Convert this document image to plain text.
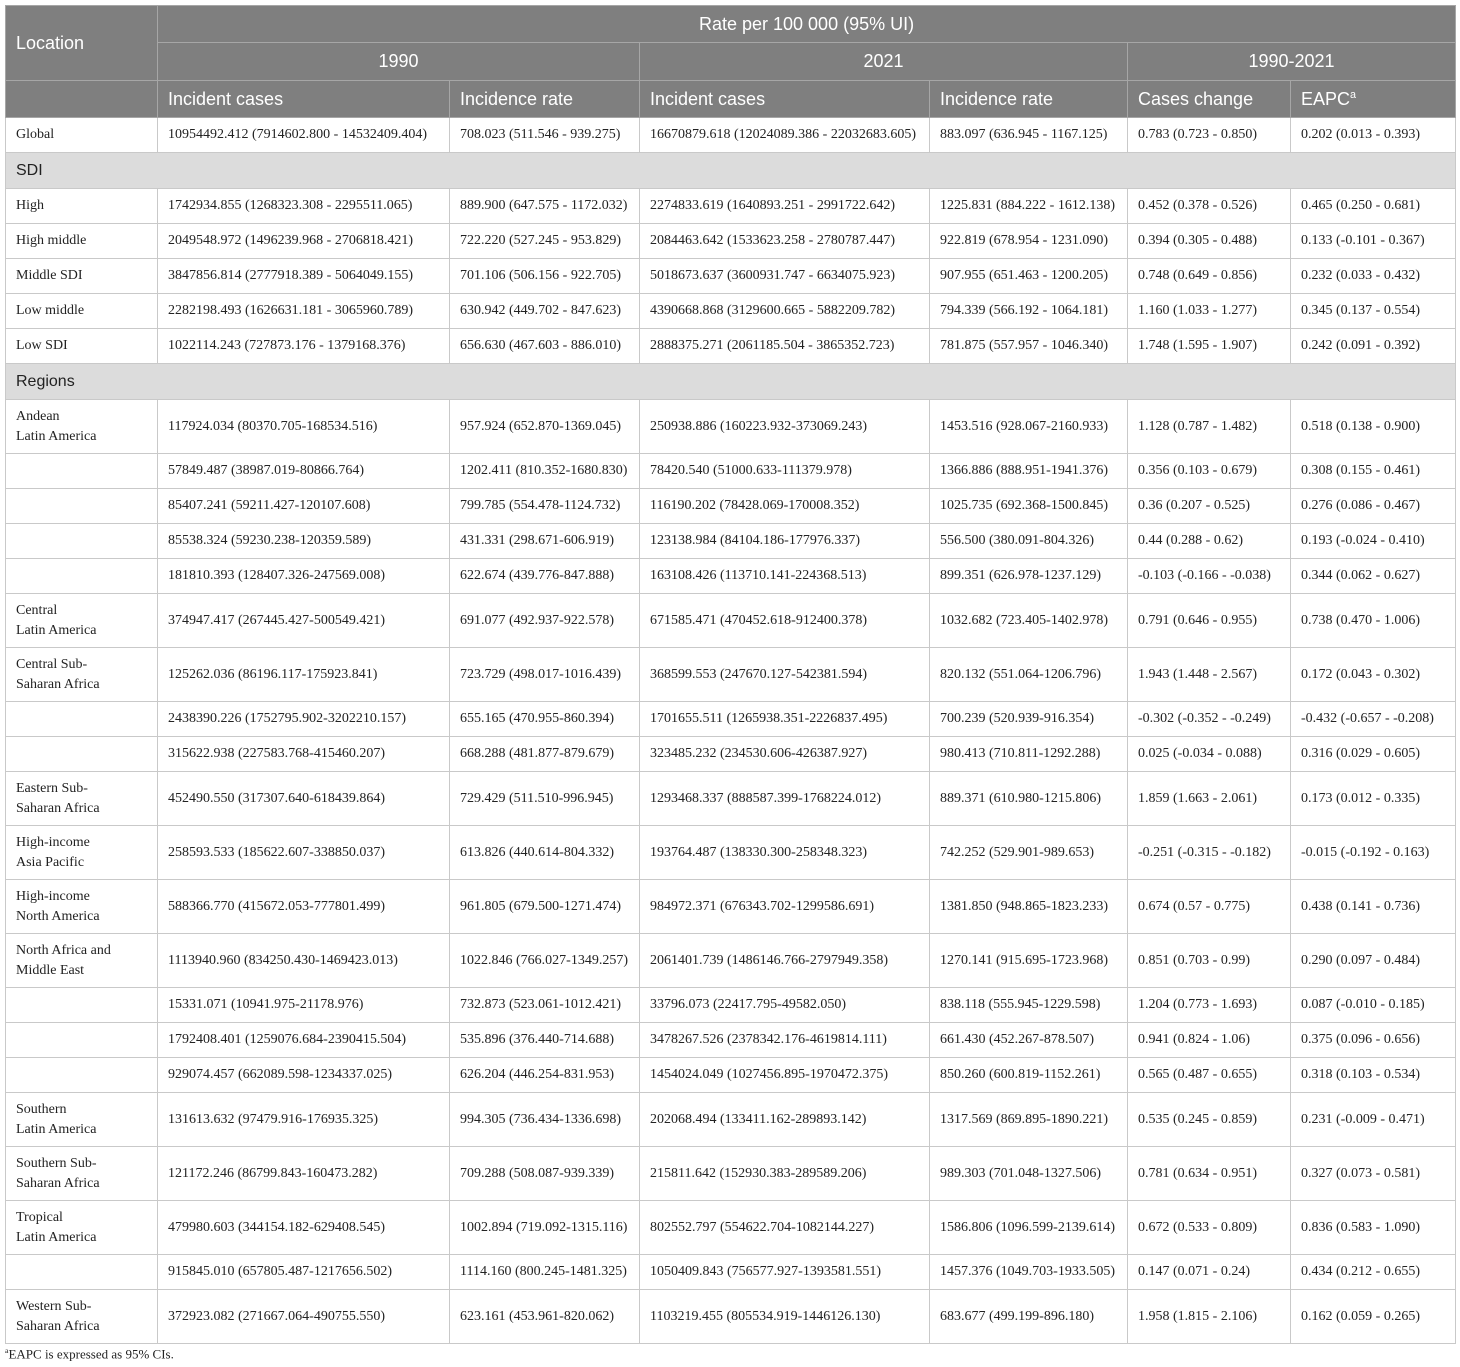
Location	Rate per 100 000 (95% UI)					
	1990		2021		1990-2021	
	Incident cases	Incidence rate	Incident cases	Incidence rate	Cases change	EAPC$^a$
Global	10954492.412 (7914602.800 - 14532409.404)	708.023 (511.546 - 939.275)	16670879.618 (12024089.386 - 22032683.605)	883.097 (636.945 - 1167.125)	0.783 (0.723 - 0.850)	0.202 (0.013 - 0.393)
SDI						
High	1742934.855 (1268323.308 - 2295511.065)	889.900 (647.575 - 1172.032)	2274833.619 (1640893.251 - 2991722.642)	1225.831 (884.222 - 1612.138)	0.452 (0.378 - 0.526)	0.465 (0.250 - 0.681)
High middle	2049548.972 (1496239.968 - 2706818.421)	722.220 (527.245 - 953.829)	2084463.642 (1533623.258 - 2780787.447)	922.819 (678.954 - 1231.090)	0.394 (0.305 - 0.488)	0.133 (-0.101 - 0.367)
Middle SDI	3847856.814 (2777918.389 - 5064049.155)	701.106 (506.156 - 922.705)	5018673.637 (3600931.747 - 6634075.923)	907.955 (651.463 - 1200.205)	0.748 (0.649 - 0.856)	0.232 (0.033 - 0.432)
Low middle	2282198.493 (1626631.181 - 3065960.789)	630.942 (449.702 - 847.623)	4390668.868 (3129600.665 - 5882209.782)	794.339 (566.192 - 1064.181)	1.160 (1.033 - 1.277)	0.345 (0.137 - 0.554)
Low SDI	1022114.243 (727873.176 - 1379168.376)	656.630 (467.603 - 886.010)	2888375.271 (2061185.504 - 3865352.723)	781.875 (557.957 - 1046.340)	1.748 (1.595 - 1.907)	0.242 (0.091 - 0.392)
Regions						

Andean
Latin America	117924.034 (80370.705-168534.516)	957.924 (652.870-1369.045)	250938.886 (160223.932-373069.243)	1453.516 (928.067-2160.933)	1.128 (0.787 - 1.482)	0.518 (0.138 - 0.900)
	57849.487 (38987.019-80866.764)	1202.411 (810.352-1680.830)	78420.540 (51000.633-111379.978)	1366.886 (888.951-1941.376)	0.356 (0.103 - 0.679)	0.308 (0.155 - 0.461)
	85407.241 (59211.427-120107.608)	799.785 (554.478-1124.732)	116190.202 (78428.069-170008.352)	1025.735 (692.368-1500.845)	0.36 (0.207 - 0.525)	0.276 (0.086 - 0.467)
	85538.324 (59230.238-120359.589)	431.331 (298.671-606.919)	123138.984 (84104.186-177976.337)	556.500 (380.091-804.326)	0.44 (0.288 - 0.62)	0.193 (-0.024 - 0.410)
	181810.393 (128407.326-247569.008)	622.674 (439.776-847.888)	163108.426 (113710.141-224368.513)	899.351 (626.978-1237.129)	-0.103 (-0.166 - -0.038)	0.344 (0.062 - 0.627)

Central
Latin America	374947.417 (267445.427-500549.421)	691.077 (492.937-922.578)	671585.471 (470452.618-912400.378)	1032.682 (723.405-1402.978)	0.791 (0.646 - 0.955)	0.738 (0.470 - 1.006)

Central Sub-
Saharan Africa	125262.036 (86196.117-175923.841)	723.729 (498.017-1016.439)	368599.553 (247670.127-542381.594)	820.132 (551.064-1206.796)	1.943 (1.448 - 2.567)	0.172 (0.043 - 0.302)
	2438390.226 (1752795.902-3202210.157)	655.165 (470.955-860.394)	1701655.511 (1265938.351-2226837.495)	700.239 (520.939-916.354)	-0.302 (-0.352 - -0.249)	-0.432 (-0.657 - -0.208)
	315622.938 (227583.768-415460.207)	668.288 (481.877-879.679)	323485.232 (234530.606-426387.927)	980.413 (710.811-1292.288)	0.025 (-0.034 - 0.088)	0.316 (0.029 - 0.605)

Eastern Sub-
Saharan Africa	452490.550 (317307.640-618439.864)	729.429 (511.510-996.945)	1293468.337 (888587.399-1768224.012)	889.371 (610.980-1215.806)	1.859 (1.663 - 2.061)	0.173 (0.012 - 0.335)

High-income
Asia Pacific	258593.533 (185622.607-338850.037)	613.826 (440.614-804.332)	193764.487 (138330.300-258348.323)	742.252 (529.901-989.653)	-0.251 (-0.315 - -0.182)	-0.015 (-0.192 - 0.163)

High-income
North America	588366.770 (415672.053-777801.499)	961.805 (679.500-1271.474)	984972.371 (676343.702-1299586.691)	1381.850 (948.865-1823.233)	0.674 (0.57 - 0.775)	0.438 (0.141 - 0.736)

North Africa and
Middle East	1113940.960 (834250.430-1469423.013)	1022.846 (766.027-1349.257)	2061401.739 (1486146.766-2797949.358)	1270.141 (915.695-1723.968)	0.851 (0.703 - 0.99)	0.290 (0.097 - 0.484)
	15331.071 (10941.975-21178.976)	732.873 (523.061-1012.421)	33796.073 (22417.795-49582.050)	838.118 (555.945-1229.598)	1.204 (0.773 - 1.693)	0.087 (-0.010 - 0.185)
	1792408.401 (1259076.684-2390415.504)	535.896 (376.440-714.688)	3478267.526 (2378342.176-4619814.111)	661.430 (452.267-878.507)	0.941 (0.824 - 1.06)	0.375 (0.096 - 0.656)
	929074.457 (662089.598-1234337.025)	626.204 (446.254-831.953)	1454024.049 (1027456.895-1970472.375)	850.260 (600.819-1152.261)	0.565 (0.487 - 0.655)	0.318 (0.103 - 0.534)

Southern
Latin America	131613.632 (97479.916-176935.325)	994.305 (736.434-1336.698)	202068.494 (133411.162-289893.142)	1317.569 (869.895-1890.221)	0.535 (0.245 - 0.859)	0.231 (-0.009 - 0.471)

Southern Sub-
Saharan Africa	121172.246 (86799.843-160473.282)	709.288 (508.087-939.339)	215811.642 (152930.383-289589.206)	989.303 (701.048-1327.506)	0.781 (0.634 - 0.951)	0.327 (0.073 - 0.581)

Tropical
Latin America	479980.603 (344154.182-629408.545)	1002.894 (719.092-1315.116)	802552.797 (554622.704-1082144.227)	1586.806 (1096.599-2139.614)	0.672 (0.533 - 0.809)	0.836 (0.583 - 1.090)
	915845.010 (657805.487-1217656.502)	1114.160 (800.245-1481.325)	1050409.843 (756577.927-1393581.551)	1457.376 (1049.703-1933.505)	0.147 (0.071 - 0.24)	0.434 (0.212 - 0.655)

Western Sub-
Saharan Africa	372923.082 (271667.064-490755.550)	623.161 (453.961-820.062)	1103219.455 (805534.919-1446126.130)	683.677 (499.199-896.180)	1.958 (1.815 - 2.106)	0.162 (0.059 - 0.265)
$^a$EAPC is expressed as 95% CIs.
